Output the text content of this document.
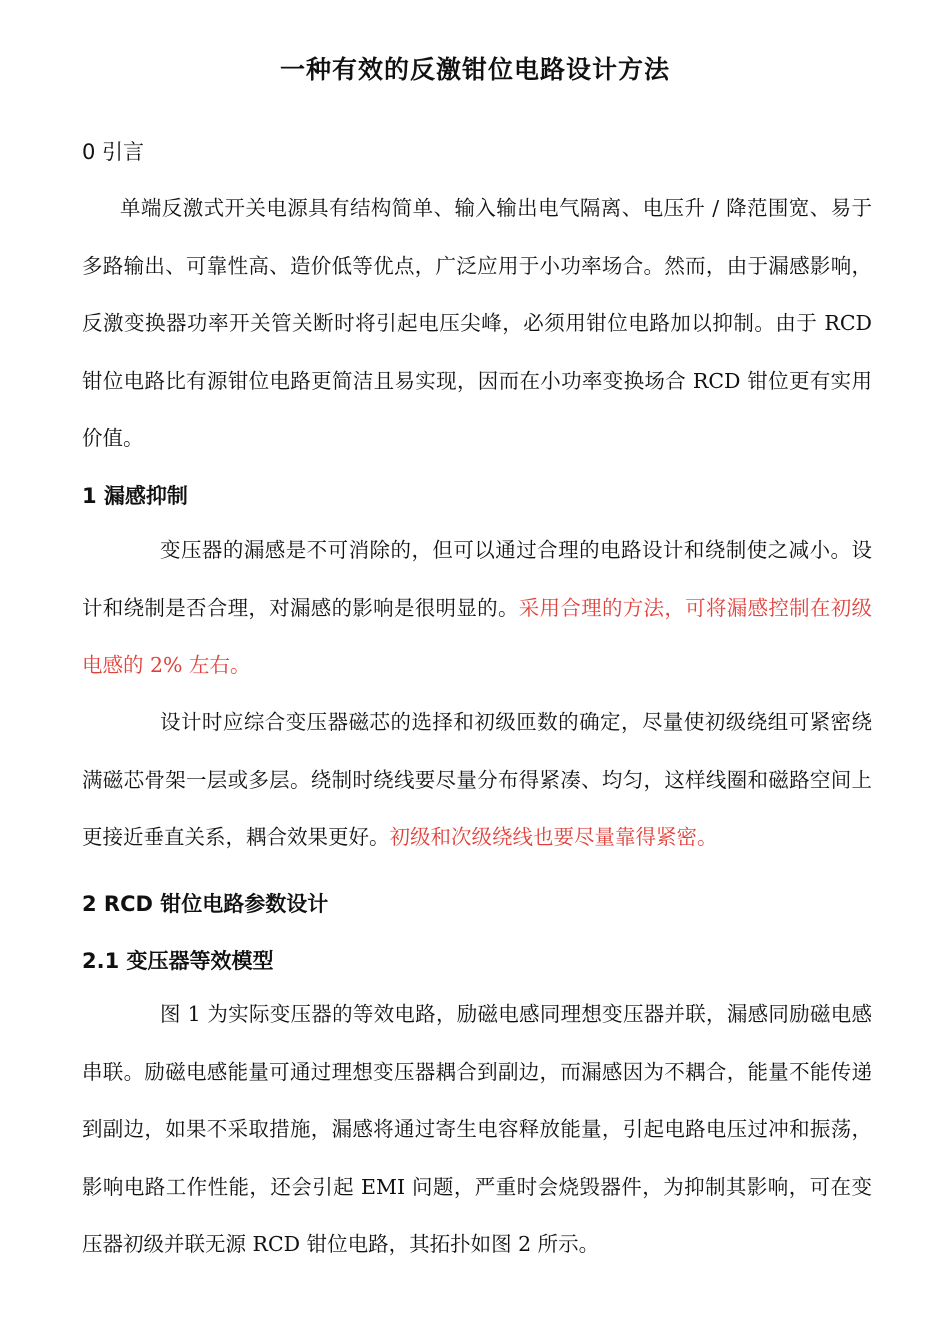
一种有效的反激钳位电路设计方法
0 引言
单端反激式开关电源具有结构简单、输入输出电气隔离、电压升 / 降范围宽、易于多路输出、可靠性高、造价低等优点，广泛应用于小功率场合。然而，由于漏感影响，反激变换器功率开关管关断时将引起电压尖峰，必须用钳位电路加以抑制。由于 RCD 钳位电路比有源钳位电路更简洁且易实现，因而在小功率变换场合 RCD 钳位更有实用价值。
1 漏感抑制
变压器的漏感是不可消除的，但可以通过合理的电路设计和绕制使之减小。设计和绕制是否合理，对漏感的影响是很明显的。采用合理的方法，可将漏感控制在初级电感的 2% 左右。
设计时应综合变压器磁芯的选择和初级匝数的确定，尽量使初级绕组可紧密绕满磁芯骨架一层或多层。绕制时绕线要尽量分布得紧凑、均匀，这样线圈和磁路空间上更接近垂直关系，耦合效果更好。初级和次级绕线也要尽量靠得紧密。
2 RCD 钳位电路参数设计
2.1 变压器等效模型
图 1 为实际变压器的等效电路，励磁电感同理想变压器并联，漏感同励磁电感串联。励磁电感能量可通过理想变压器耦合到副边，而漏感因为不耦合，能量不能传递到副边，如果不采取措施，漏感将通过寄生电容释放能量，引起电路电压过冲和振荡，影响电路工作性能，还会引起 EMI 问题，严重时会烧毁器件，为抑制其影响，可在变压器初级并联无源 RCD 钳位电路，其拓扑如图 2 所示。
